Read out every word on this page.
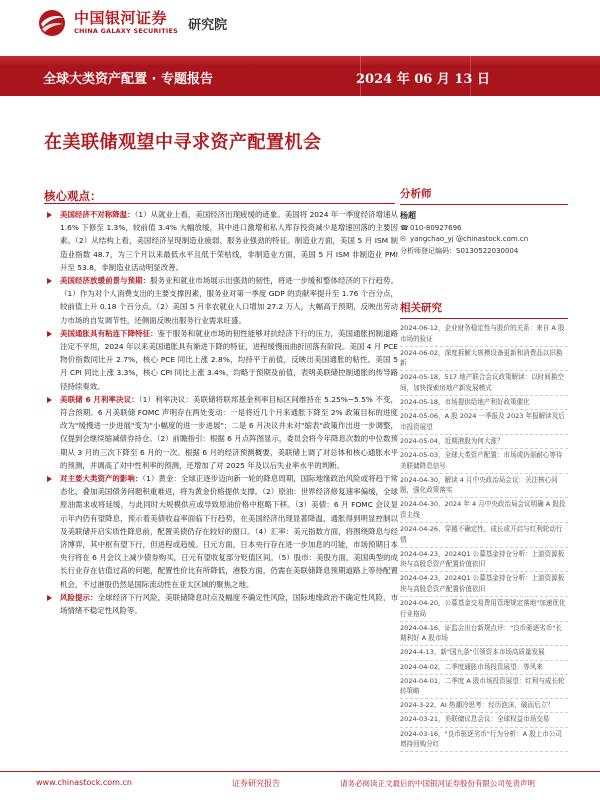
中国银河证券
CHINA GALAXY SECURITIES 研究院
全球大类资产配置 · 专题报告	2024 年 06 月 13 日
在美联储观望中寻求资产配置机会
核心观点：
美国经济不对称降温：（1）从就业上看，美国经济出现疲缓的迹象。美国将 2024 年一季度经济增速从 1.6% 下修至 1.3%，较前值 3.4% 大幅放缓，其中进口激增和私人库存投资减少是增速回落的主要因素。（2）从结构上看，美国经济呈现制造业疲弱、服务业强劲的特征。制造业方面，美国 5 月 ISM 制造业指数 48.7，为三个月以来最低水平且低于荣枯线，非制造业方面，美国 5 月 ISM 非制造业 PMI 升至 53.8，非制造业活动明显改善。
美国经济放缓前景与预期：服务业和就业市场展示出强劲的韧性，将进一步缓和整体经济的下行趋势。（1）作为对个人消费支出的主要支撑因素，服务业对第一季度 GDP 的贡献率提升至 1.76 个百分点，较前值上升 0.18 个百分点。（2）美国 5 月非农就业人口增加 27.2 万人，大幅高于预期，反映出劳动力市场的自发调节性，还侧面反映出服务行业需求旺盛。
美国通胀具有粘连下降特征：鉴于服务和就业市场的韧性能够对抗经济下行的压力，美国通胀拐制道路注定不平坦，2024 年以来美国通胀具有渐进下降的特征，进程缓慢而曲折回落有阶段。美国 4 月 PCE 物价指数同比升 2.7%，核心 PCE 同比上涨 2.8%，均持平于前值，反映出美国通胀的粘性。美国 5 月 CPI 同比上涨 3.3%，核心 CPI 同比上涨 3.4%，均略于预期及前值，表明美联储控制通胀的传导路径持续奏效。
美联储 6 月利率决议：（1）利率决议：美联储将联邦基金利率目标区间维持在 5.25%~5.5% 不变，符合预期。6 月美联储 FOMC 声明存在两处变动：一是将近几个月来通胀下降至 2% 政策目标的进度改为"缓慢进一步进展"变为"小幅度的进一步进展"；二是 6 月决议并未对"缩表"政策作出进一步调整，仅提到会继续缩减债券持仓。（2）前瞻指引：根据 6 月点阵图显示，委员会将今年降息次数的中位数预期从 3 月的三次下降至 6 月的一次。根据 6 月的经济预测概要，美联储上调了对总体和核心通胀水平的预测，并调高了对中性利率的预测，还增加了对 2025 年及以后失业率水平的判断。
对主要大类资产的影响：（1）黄金：全球正逐步迈向新一轮的降息周期，国际地缘政治风险或将趋于常态化，叠加美国债务问题积重难返，将为黄金价格提供支撑。（2）原油：世界经济修复速率偏缓，全球原油需求或将延缓，与此同时大规模供应或导致原油价格中枢略下移。（3）美债：6 月 FOMC 会议显示年内仍有望降息，预示着美债收益率面临下行趋势，在美国经济出现显著降温、通胀得到明显控制以及美联储开启实质性降息前，配置美债仍存在较好的窗口。（4）汇率：美元指数方面，将围绕降息与经济博弈，其中枢有望下行，但进程或趋缓。日元方面，日本央行存在进一步加息的可能，市场预期日本央行将在 6 月会议上减少债券购买，日元有望收复部分贬值区间。（5）股市：美股方面，美国典型的成长行业存在估值过高的问题，配置性价比有所降低，港股方面，仍需在美联储降息预期道路上等待配置机会，不过港股仍然是国际流动性在亚太区域的聚焦之地。
风险提示：全球经济下行风险，美联储降息时点及幅度不确定性风险，国际地缘政治不确定性风险，市场情绪不稳定性风险等。
分析师
杨超
☎ 010-80927696
✉ yangchao_yj @chinastock.com.cn
分析师登记编码：S0130522030004
相关研究
2024-06-12，企业财务稳定性与股价的关系：来自 A 股市场的验证
2024-06-02，深度拆解大规模设备更新和消费品以旧换新
2024-05-18，517 地产联合会议政策解读：以时间换空间，加快探索房地产新发展模式
2024-05-18，市场提供给地产利好政策催化
2024-05-06，A 股 2024 一季报及 2023 年报解读及后市投资展望
2024-05-04，近期港股为何大涨？
2024-05-03，全球大类资产配置：市场或仍需耐心等待美联储降息信号
2024-04-30，解读 4 月中央政治局会议：关注核心问题，强化政策落实
2024-04-30，2024 年 4 月中央政治局会议明确 A 股投资主线
2024-04-26，穿越不确定性，成长或开启与红利轮动行情
2024-04-23，2024Q1 公募基金持仓分析：上游资源板块与高股息资产配置价值依旧
2024-04-23，2024Q1 公募基金持仓分析：上游资源板块与高股息资产配置价值依旧
2024-04-20，公募基金交易费用管理规定落地"加速优化行业格局
2024-04-16，证监会出台新规点评："良币驱逐劣币"长期利好 A 股市场
2024-4-13，新"国九条"引领资本市场高质量发展
2024-04-02，二季度通胀市场投资展望：等风来
2024-04-01，二季度 A 股市场投资展望：红利与成长轮转策略
2024-3-22，AI 热潮冷思考：经历泡沫，破而后立？
2024-03-21，美联储议息会议：全球权益市场交易
2024-03-16，"良币驱逐劣币"行为分析：A 股上市公司增持回购分红
www.chinastock.com.cn	证券研究报告	请务必阅读正文最后的中国银河证券股份有限公司免责声明
